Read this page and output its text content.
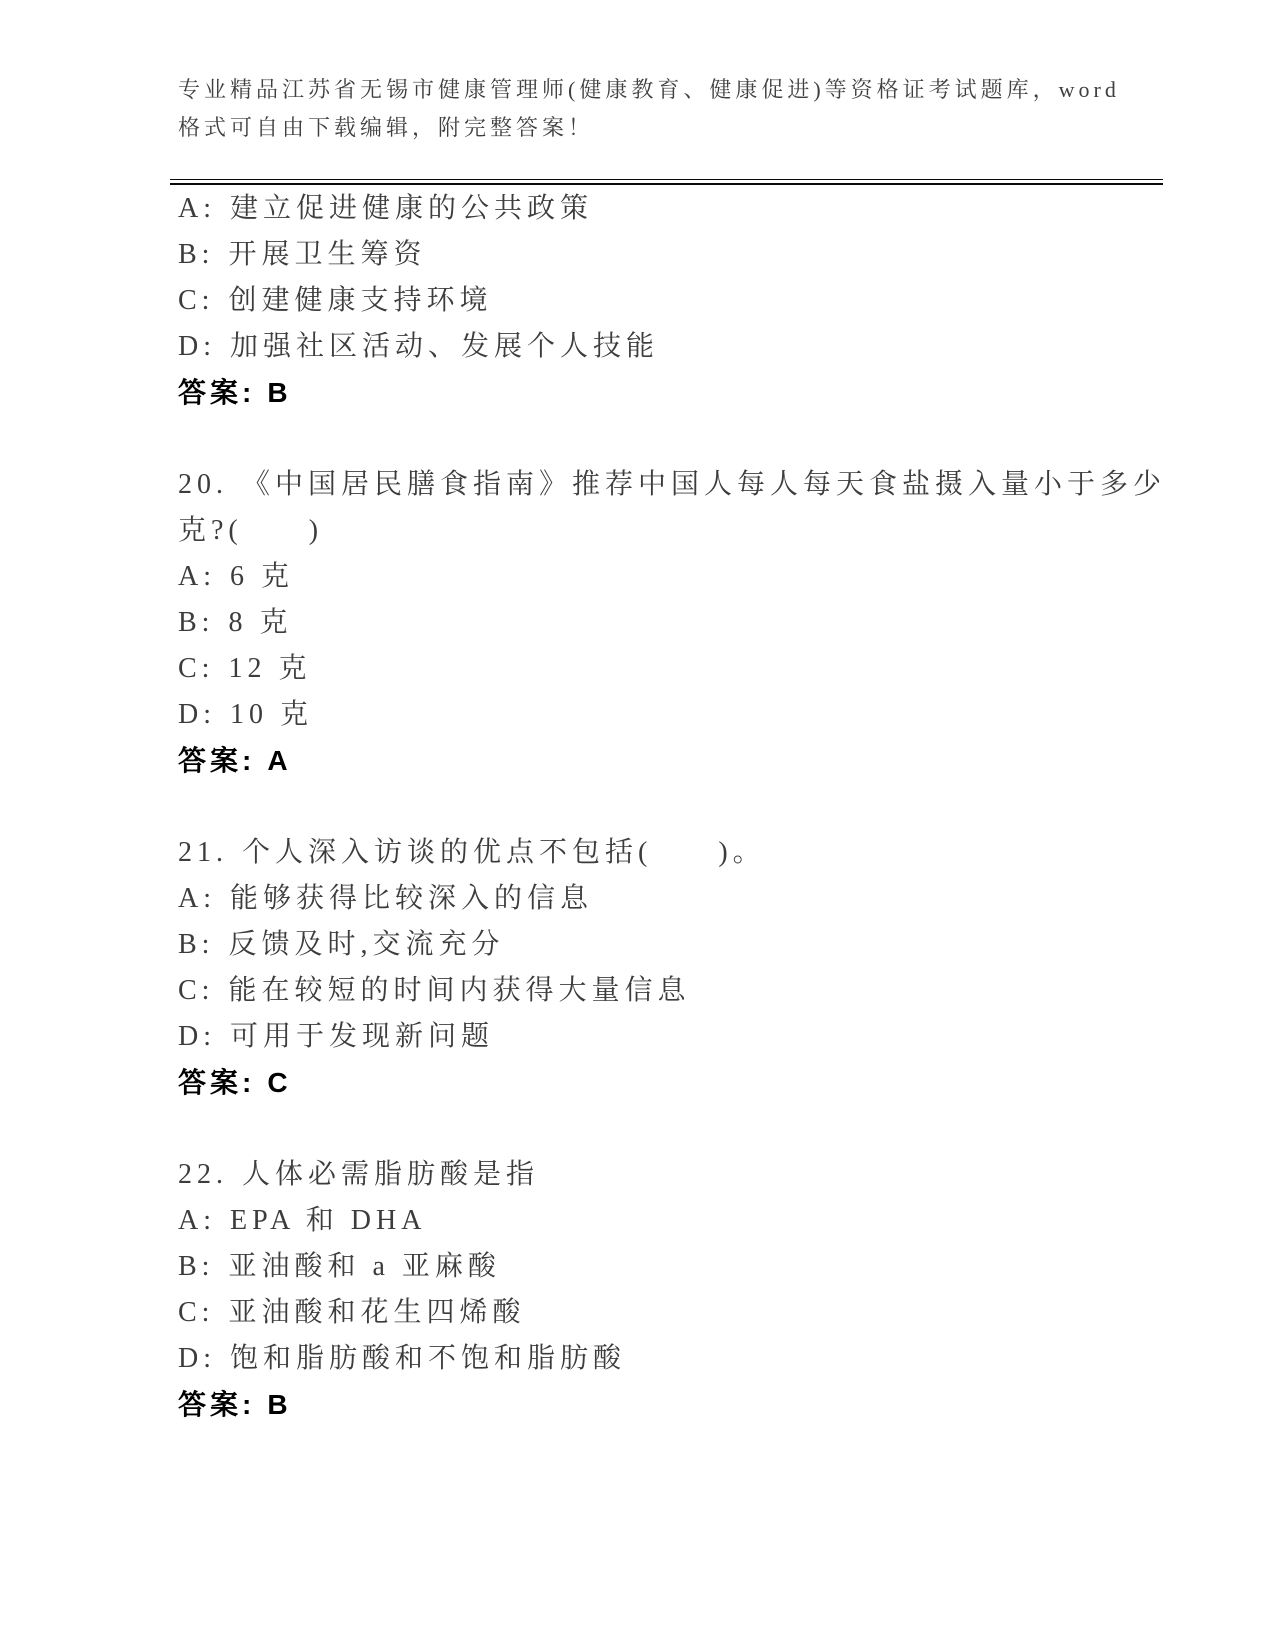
专业精品江苏省无锡市健康管理师(健康教育、健康促进)等资格证考试题库，word
格式可自由下载编辑，附完整答案！
A: 建立促进健康的公共政策
B: 开展卫生筹资
C: 创建健康支持环境
D: 加强社区活动、发展个人技能
答案: B
20. 《中国居民膳食指南》推荐中国人每人每天食盐摄入量小于多少
克?(　　)
A: 6 克
B: 8 克
C: 12 克
D: 10 克
答案: A
21. 个人深入访谈的优点不包括(　　)。
A: 能够获得比较深入的信息
B: 反馈及时,交流充分
C: 能在较短的时间内获得大量信息
D: 可用于发现新问题
答案: C
22. 人体必需脂肪酸是指
A: EPA 和 DHA
B: 亚油酸和 a 亚麻酸
C: 亚油酸和花生四烯酸
D: 饱和脂肪酸和不饱和脂肪酸
答案: B
